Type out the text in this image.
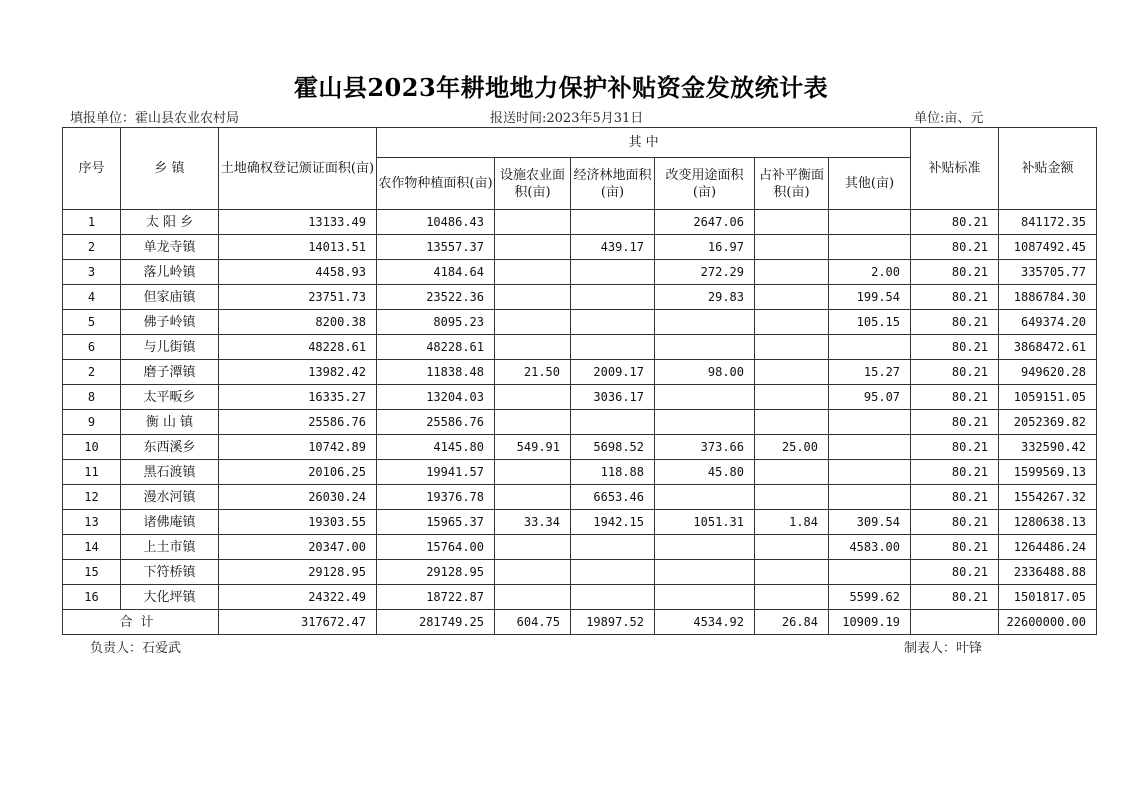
霍山县2023年耕地地力保护补贴资金发放统计表
填报单位：霍山县农业农村局	报送时间:2023年5月31日	单位:亩、元
序号	乡 镇	土地确权登记颁证面积(亩)	其 中						补贴标准	补贴金额
			农作物种植面积(亩)	设施农业面积(亩)	经济林地面积(亩)	改变用途面积(亩)	占补平衡面积(亩)	其他(亩)		
1	太 阳 乡	13133.49	10486.43			2647.06			80.21	841172.35
2	单龙寺镇	14013.51	13557.37		439.17	16.97			80.21	1087492.45
3	落儿岭镇	4458.93	4184.64			272.29		2.00	80.21	335705.77
4	但家庙镇	23751.73	23522.36			29.83		199.54	80.21	1886784.30
5	佛子岭镇	8200.38	8095.23					105.15	80.21	649374.20
6	与儿街镇	48228.61	48228.61						80.21	3868472.61
2	磨子潭镇	13982.42	11838.48	21.50	2009.17	98.00		15.27	80.21	949620.28
8	太平畈乡	16335.27	13204.03		3036.17			95.07	80.21	1059151.05
9	衡 山 镇	25586.76	25586.76						80.21	2052369.82
10	东西溪乡	10742.89	4145.80	549.91	5698.52	373.66	25.00		80.21	332590.42
11	黑石渡镇	20106.25	19941.57		118.88	45.80			80.21	1599569.13
12	漫水河镇	26030.24	19376.78		6653.46				80.21	1554267.32
13	诸佛庵镇	19303.55	15965.37	33.34	1942.15	1051.31	1.84	309.54	80.21	1280638.13
14	上土市镇	20347.00	15764.00					4583.00	80.21	1264486.24
15	下符桥镇	29128.95	29128.95						80.21	2336488.88
16	大化坪镇	24322.49	18722.87					5599.62	80.21	1501817.05
合计		317672.47	281749.25	604.75	19897.52	4534.92	26.84	10909.19		22600000.00
负责人：石爱武	制表人：叶锋
